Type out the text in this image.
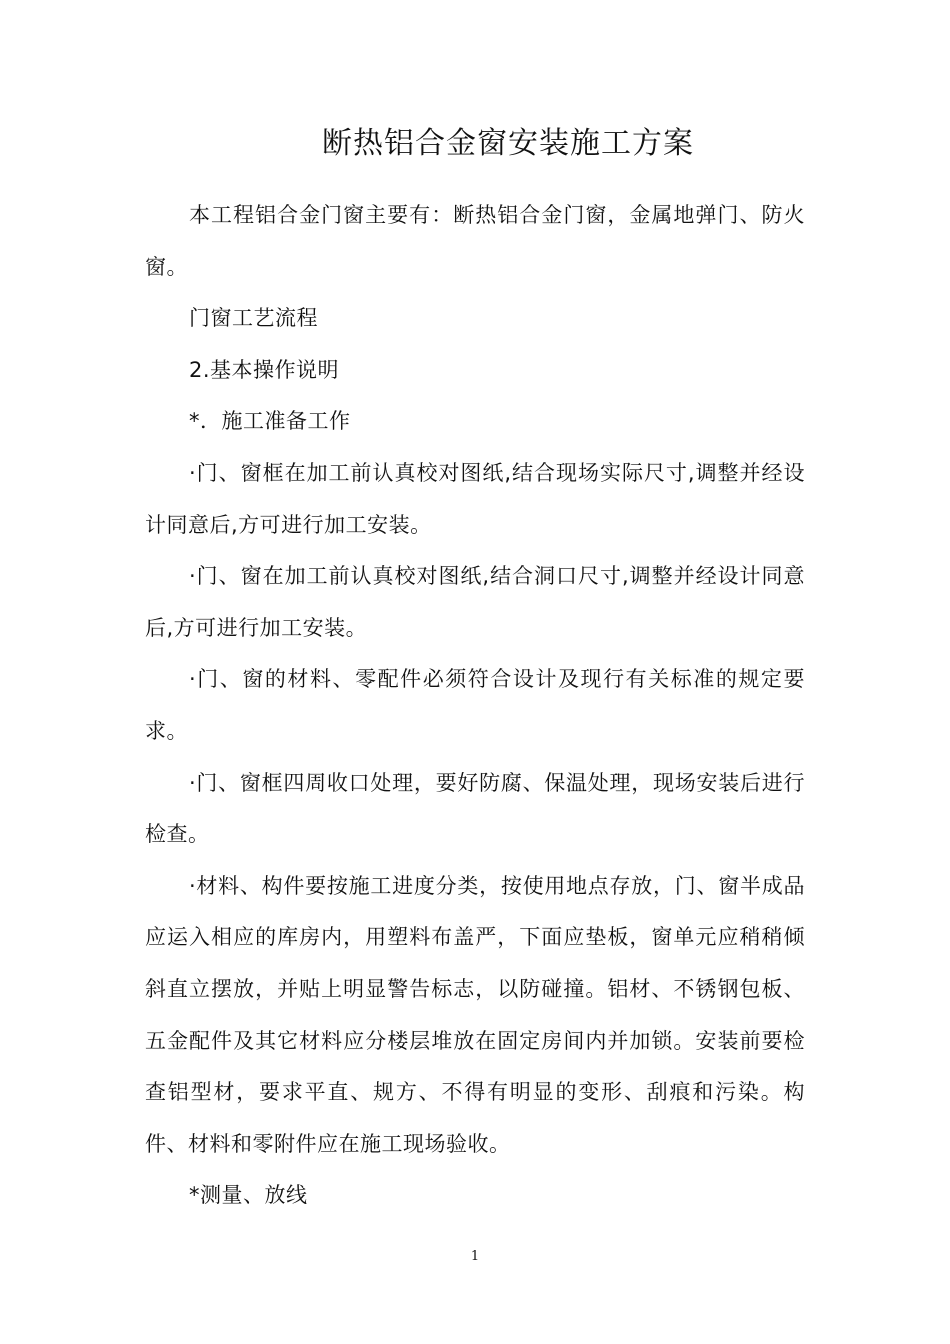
断热铝合金窗安装施工方案

本工程铝合金门窗主要有：断热铝合金门窗，金属地弹门、防火窗。

门窗工艺流程

2.基本操作说明

*．施工准备工作

·门、窗框在加工前认真校对图纸,结合现场实际尺寸,调整并经设计同意后,方可进行加工安装。

·门、窗在加工前认真校对图纸,结合洞口尺寸,调整并经设计同意后,方可进行加工安装。

·门、窗的材料、零配件必须符合设计及现行有关标准的规定要求。

·门、窗框四周收口处理，要好防腐、保温处理，现场安装后进行检查。

·材料、构件要按施工进度分类，按使用地点存放，门、窗半成品应运入相应的库房内，用塑料布盖严，下面应垫板，窗单元应稍稍倾斜直立摆放，并贴上明显警告标志，以防碰撞。铝材、不锈钢包板、五金配件及其它材料应分楼层堆放在固定房间内并加锁。安装前要检查铝型材，要求平直、规方、不得有明显的变形、刮痕和污染。构件、材料和零附件应在施工现场验收。

*测量、放线

1
